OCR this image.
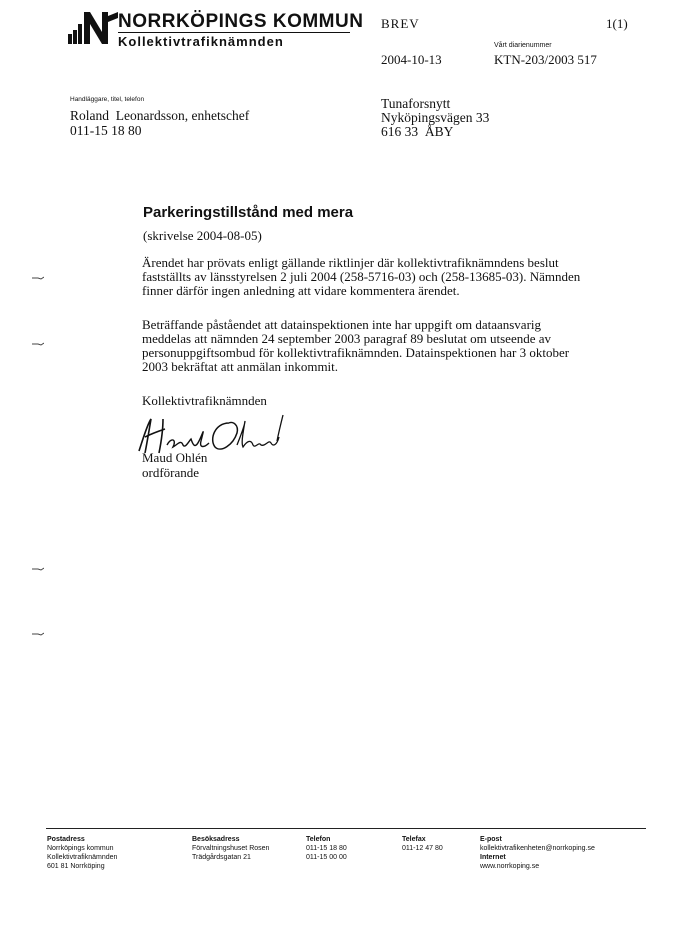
NORRKÖPINGS KOMMUN
Kollektivtrafiknämnden
BREV	1(1)
2004-10-13
Vårt diarienummer
KTN-203/2003 517
Handläggare, titel, telefon
Roland  Leonardsson, enhetschef
011-15 18 80
Tunaforsnytt
Nyköpingsvägen 33
616 33  ÅBY
Parkeringstillstånd med mera
(skrivelse 2004-08-05)
Ärendet har prövats enligt gällande riktlinjer där kollektivtrafiknämndens beslut fastställts av länsstyrelsen 2 juli 2004 (258-5716-03) och (258-13685-03). Nämnden finner därför ingen anledning att vidare kommentera ärendet.
Beträffande påståendet att datainspektionen inte har uppgift om dataansvarig meddelas att nämnden 24 september 2003 paragraf 89 beslutat om utseende av personuppgiftsombud för kollektivtrafiknämnden. Datainspektionen har 3 oktober 2003 bekräftat att anmälan inkommit.
Kollektivtrafiknämnden
Maud Ohlén
ordförande
Postadress
Norrköpings kommun
Kollektivtrafiknämnden
601 81 Norrköping
Besöksadress
Förvaltningshuset Rosen
Trädgårdsgatan 21
Telefon
011-15 18 80
011-15 00 00
Telefax
011-12 47 80
E-post
kollektivtrafikenheten@norrkoping.se
Internet
www.norrkoping.se
